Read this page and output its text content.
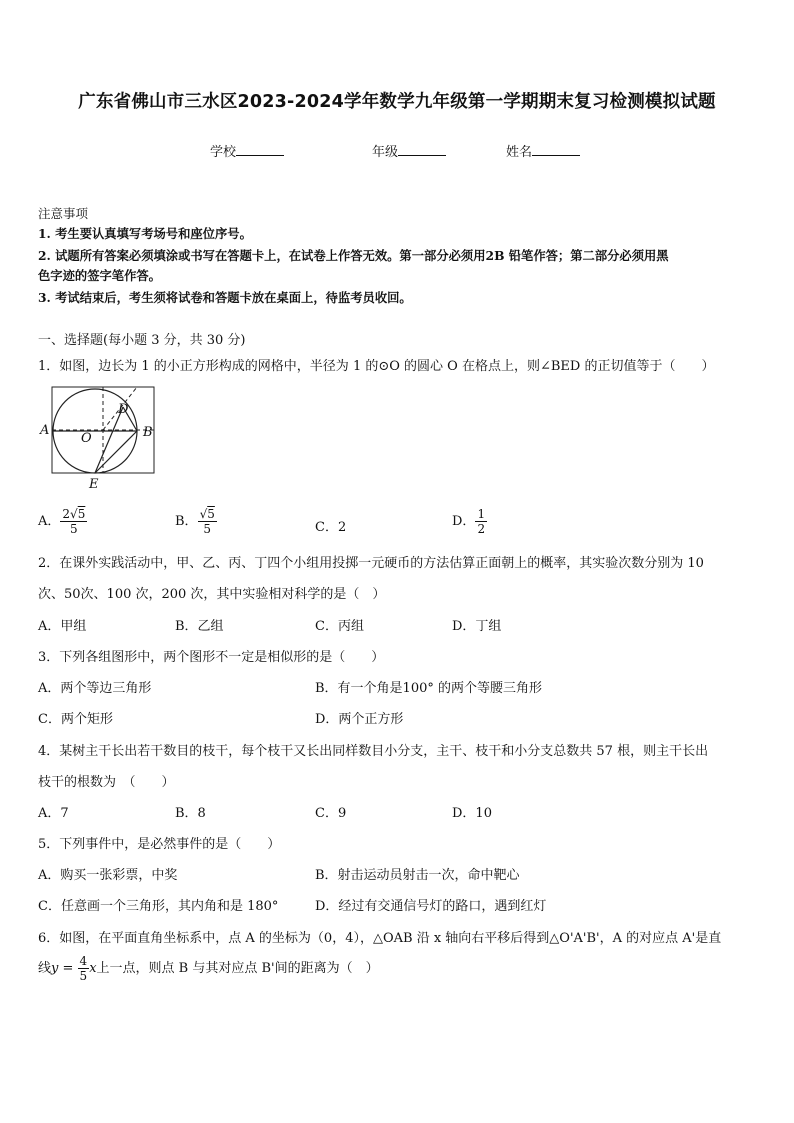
广东省佛山市三水区2023-2024学年数学九年级第一学期期末复习检测模拟试题
学校	年级	姓名
注意事项
1. 考生要认真填写考场号和座位序号。
2. 试题所有答案必须填涂或书写在答题卡上，在试卷上作答无效。第一部分必须用2B 铅笔作答；第二部分必须用黑
色字迹的签字笔作答。
3. 考试结束后，考生须将试卷和答题卡放在桌面上，待监考员收回。
一、选择题(每小题 3 分，共 30 分)
1．如图，边长为 1 的小正方形构成的网格中，半径为 1 的⊙O 的圆心 O 在格点上，则∠BED 的正切值等于（　　）
A	B
D
O
E
A． $\frac{2√5}{5}$	B． $\frac{√5}{5}$	C．2	D． $\frac{1}{2}$
2．在课外实践活动中，甲、乙、丙、丁四个小组用投掷一元硬币的方法估算正面朝上的概率，其实验次数分别为 10
次、50次、100 次，200 次，其中实验相对科学的是（　）
A．甲组	B．乙组	C．丙组	D．丁组
3．下列各组图形中，两个图形不一定是相似形的是（　　）
A．两个等边三角形	B．有一个角是100° 的两个等腰三角形
C．两个矩形	D．两个正方形
4．某树主干长出若干数目的枝干，每个枝干又长出同样数目小分支，主干、枝干和小分支总数共 57 根，则主干长出
枝干的根数为　（　　）
A．7	B．8	C．9	D．10
5．下列事件中，是必然事件的是（　　）
A．购买一张彩票，中奖	B．射击运动员射击一次，命中靶心
C．任意画一个三角形，其内角和是 180°	D．经过有交通信号灯的路口，遇到红灯
6．如图，在平面直角坐标系中，点 A 的坐标为（0，4），△OAB 沿 x 轴向右平移后得到△O'A'B'，A 的对应点 A'是直
线$y = \frac{4}{5}$ x上一点，则点 B 与其对应点 B'间的距离为（　）
